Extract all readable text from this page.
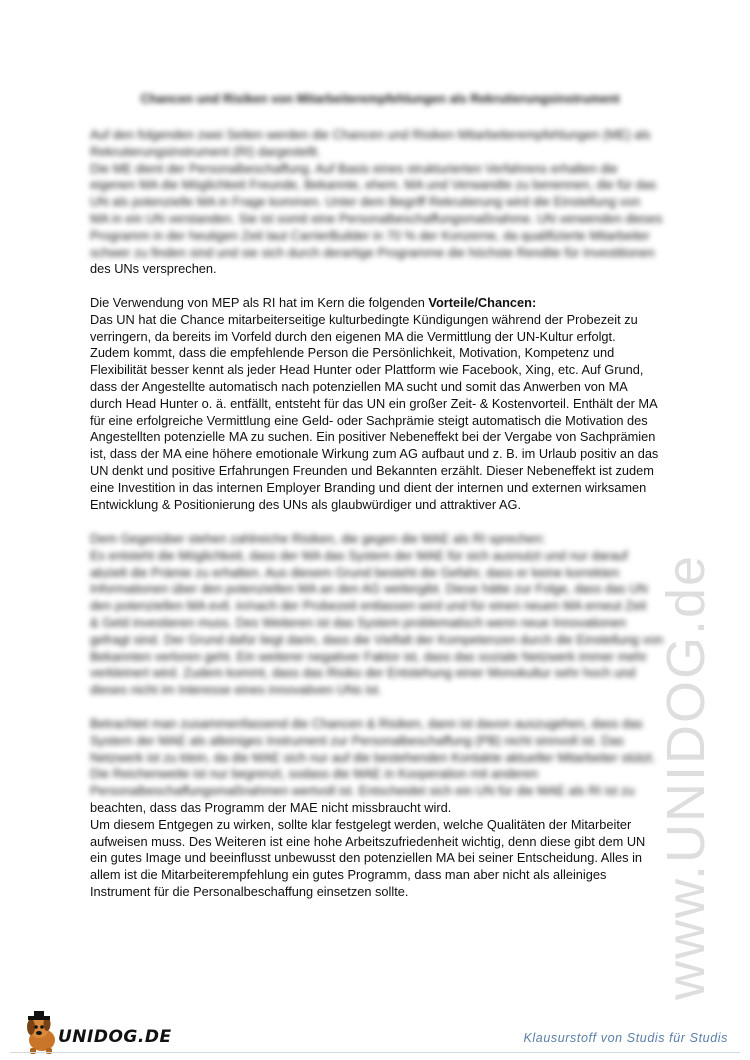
Chancen und Risiken von Mitarbeiterempfehlungen als Rekrutierungsinstrument
Auf den folgenden zwei Seiten werden die Chancen und Risiken Mitarbeiterempfehlungen (ME) als
Rekrutierungsinstrument (RI) dargestellt.
Die ME dient der Personalbeschaffung. Auf Basis eines strukturierten Verfahrens erhalten die
eigenen MA die Möglichkeit Freunde, Bekannte, ehem. MA und Verwandte zu benennen, die für das
UN als potenzielle MA in Frage kommen. Unter dem Begriff Rekrutierung wird die Einstellung von
MA in ein UN verstanden. Sie ist somit eine Personalbeschaffungsmaßnahme. UN verwenden dieses
Programm in der heutigen Zeit laut CarrierBuilder in 70 % der Konzerne, da qualifizierte Mitarbeiter
schwer zu finden sind und sie sich durch derartige Programme die höchste Rendite für Investitionen
des UNs versprechen.
Die Verwendung von MEP als RI hat im Kern die folgenden Vorteile/Chancen:
Das UN hat die Chance mitarbeiterseitige kulturbedingte Kündigungen während der Probezeit zu
verringern, da bereits im Vorfeld durch den eigenen MA die Vermittlung der UN-Kultur erfolgt.
Zudem kommt, dass die empfehlende Person die Persönlichkeit, Motivation, Kompetenz und
Flexibilität besser kennt als jeder Head Hunter oder Plattform wie Facebook, Xing, etc. Auf Grund,
dass der Angestellte automatisch nach potenziellen MA sucht und somit das Anwerben von MA
durch Head Hunter o. ä. entfällt, entsteht für das UN ein großer Zeit- & Kostenvorteil. Enthält der MA
für eine erfolgreiche Vermittlung eine Geld- oder Sachprämie steigt automatisch die Motivation des
Angestellten potenzielle MA zu suchen. Ein positiver Nebeneffekt bei der Vergabe von Sachprämien
ist, dass der MA eine höhere emotionale Wirkung zum AG aufbaut und z. B. im Urlaub positiv an das
UN denkt und positive Erfahrungen Freunden und Bekannten erzählt. Dieser Nebeneffekt ist zudem
eine Investition in das internen Employer Branding und dient der internen und externen wirksamen
Entwicklung & Positionierung des UNs als glaubwürdiger und attraktiver AG.
Dem Gegenüber stehen zahlreiche Risiken, die gegen die MAE als RI sprechen:
Es entsteht die Möglichkeit, dass der MA das System der MAE für sich ausnutzt und nur darauf
abzielt die Prämie zu erhalten. Aus diesem Grund besteht die Gefahr, dass er keine korrekten
Informationen über den potenziellen MA an den AG weitergibt. Diese hätte zur Folge, dass das UN
den potenziellen MA evtl. in/nach der Probezeit entlassen wird und für einen neuen MA erneut Zeit
& Geld investieren muss. Des Weiteren ist das System problematisch wenn neue Innovationen
gefragt sind. Der Grund dafür liegt darin, dass die Vielfalt der Kompetenzen durch die Einstellung von
Bekannten verloren geht. Ein weiterer negativer Faktor ist, dass das soziale Netzwerk immer mehr
verkleinert wird. Zudem kommt, dass das Risiko der Entstehung einer Monokultur sehr hoch und
dieses nicht im Interesse eines innovativen UNs ist.
Betrachtet man zusammenfassend die Chancen & Risiken, dann ist davon auszugehen, dass das
System der MAE als alleiniges Instrument zur Personalbeschaffung (PB) nicht sinnvoll ist. Das
Netzwerk ist zu klein, da die MAE sich nur auf die bestehenden Kontakte aktueller Mitarbeiter stützt.
Die Reichenweite ist nur begrenzt, sodass die MAE in Kooperation mit anderen
Personalbeschaffungsmaßnahmen wertvoll ist. Entscheidet sich ein UN für die MAE als RI ist zu
beachten, dass das Programm der MAE nicht missbraucht wird.
Um diesem Entgegen zu wirken, sollte klar festgelegt werden, welche Qualitäten der Mitarbeiter
aufweisen muss. Des Weiteren ist eine hohe Arbeitszufriedenheit wichtig, denn diese gibt dem UN
ein gutes Image und beeinflusst unbewusst den potenziellen MA bei seiner Entscheidung. Alles in
allem ist die Mitarbeiterempfehlung ein gutes Programm, dass man aber nicht als alleiniges
Instrument für die Personalbeschaffung einsetzen sollte.	www.UNIDOG.de
UNIDOG.DE	Klausurstoff von Studis für Studis
